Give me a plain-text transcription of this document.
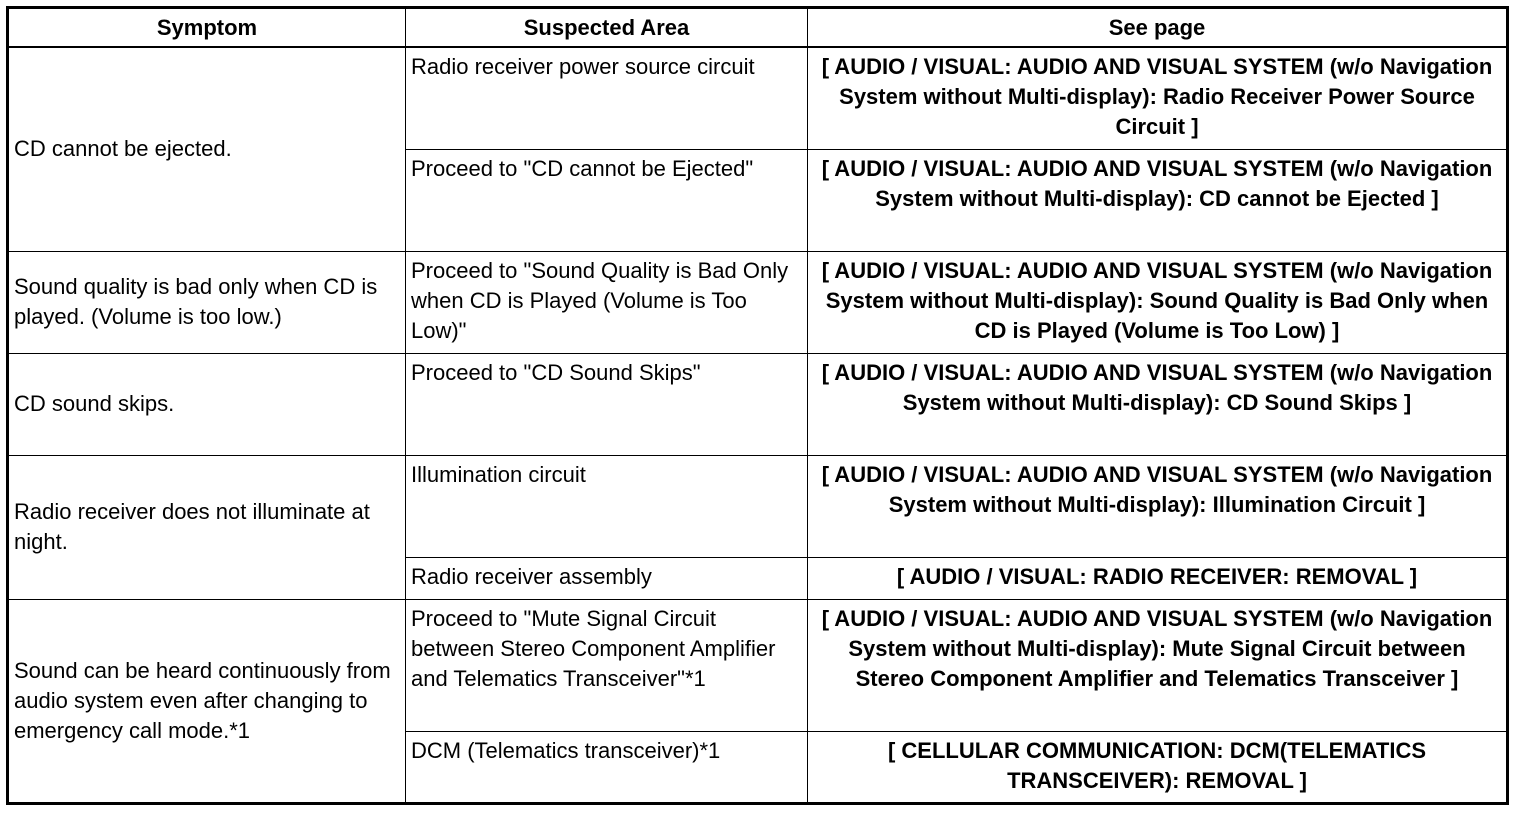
Symptom	Suspected Area	See page
CD cannot be ejected.	Radio receiver power source circuit	[ AUDIO / VISUAL: AUDIO AND VISUAL SYSTEM (w/o Navigation System without Multi-display): Radio Receiver Power Source Circuit ]
	Proceed to "CD cannot be Ejected"	[ AUDIO / VISUAL: AUDIO AND VISUAL SYSTEM (w/o Navigation System without Multi-display): CD cannot be Ejected ]
Sound quality is bad only when CD is played. (Volume is too low.)	Proceed to "Sound Quality is Bad Only when CD is Played (Volume is Too Low)"	[ AUDIO / VISUAL: AUDIO AND VISUAL SYSTEM (w/o Navigation System without Multi-display): Sound Quality is Bad Only when CD is Played (Volume is Too Low) ]
CD sound skips.	Proceed to "CD Sound Skips"	[ AUDIO / VISUAL: AUDIO AND VISUAL SYSTEM (w/o Navigation System without Multi-display): CD Sound Skips ]
Radio receiver does not illuminate at night.	Illumination circuit	[ AUDIO / VISUAL: AUDIO AND VISUAL SYSTEM (w/o Navigation System without Multi-display): Illumination Circuit ]
	Radio receiver assembly	[ AUDIO / VISUAL: RADIO RECEIVER: REMOVAL ]
Sound can be heard continuously from audio system even after changing to emergency call mode.*1	Proceed to "Mute Signal Circuit between Stereo Component Amplifier and Telematics Transceiver"*1	[ AUDIO / VISUAL: AUDIO AND VISUAL SYSTEM (w/o Navigation System without Multi-display): Mute Signal Circuit between Stereo Component Amplifier and Telematics Transceiver ]
	DCM (Telematics transceiver)*1	[ CELLULAR COMMUNICATION: DCM(TELEMATICS TRANSCEIVER): REMOVAL ]
